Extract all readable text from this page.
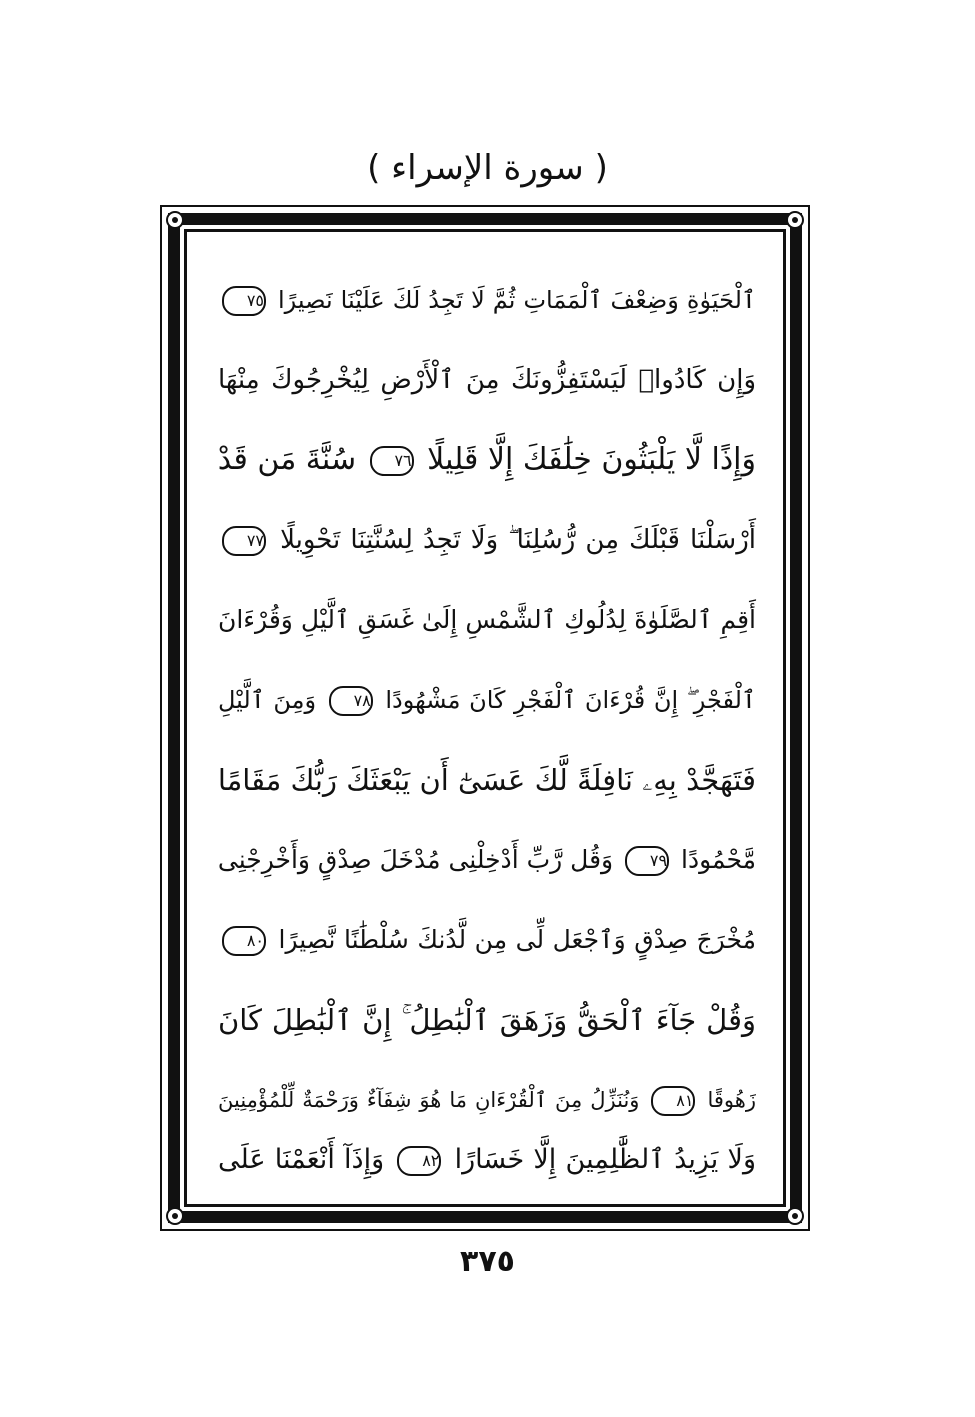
( سورة الإسراء )
ٱلْحَيَوٰةِ وَضِعْفَ ٱلْمَمَاتِ ثُمَّ لَا تَجِدُ لَكَ عَلَيْنَا نَصِيرًا ٧٥
وَإِن كَادُوا۟ لَيَسْتَفِزُّونَكَ مِنَ ٱلْأَرْضِ لِيُخْرِجُوكَ مِنْهَا
وَإِذًا لَّا يَلْبَثُونَ خِلَٰفَكَ إِلَّا قَلِيلًا ٧٦ سُنَّةَ مَن قَدْ
أَرْسَلْنَا قَبْلَكَ مِن رُّسُلِنَا ۖ وَلَا تَجِدُ لِسُنَّتِنَا تَحْوِيلًا ٧٧
أَقِمِ ٱلصَّلَوٰةَ لِدُلُوكِ ٱلشَّمْسِ إِلَىٰ غَسَقِ ٱلَّيْلِ وَقُرْءَانَ
ٱلْفَجْرِ ۖ إِنَّ قُرْءَانَ ٱلْفَجْرِ كَانَ مَشْهُودًا ٧٨ وَمِنَ ٱلَّيْلِ
فَتَهَجَّدْ بِهِۦ نَافِلَةً لَّكَ عَسَىٰٓ أَن يَبْعَثَكَ رَبُّكَ مَقَامًا
مَّحْمُودًا ٧٩ وَقُل رَّبِّ أَدْخِلْنِى مُدْخَلَ صِدْقٍ وَأَخْرِجْنِى
مُخْرَجَ صِدْقٍ وَٱجْعَل لِّى مِن لَّدُنكَ سُلْطَٰنًا نَّصِيرًا ٨٠
وَقُلْ جَآءَ ٱلْحَقُّ وَزَهَقَ ٱلْبَٰطِلُ ۚ إِنَّ ٱلْبَٰطِلَ كَانَ
زَهُوقًا ٨١ وَنُنَزِّلُ مِنَ ٱلْقُرْءَانِ مَا هُوَ شِفَآءٌ وَرَحْمَةٌ لِّلْمُؤْمِنِينَ
وَلَا يَزِيدُ ٱلظَّٰلِمِينَ إِلَّا خَسَارًا ٨٢ وَإِذَآ أَنْعَمْنَا عَلَى
٣٧٥
